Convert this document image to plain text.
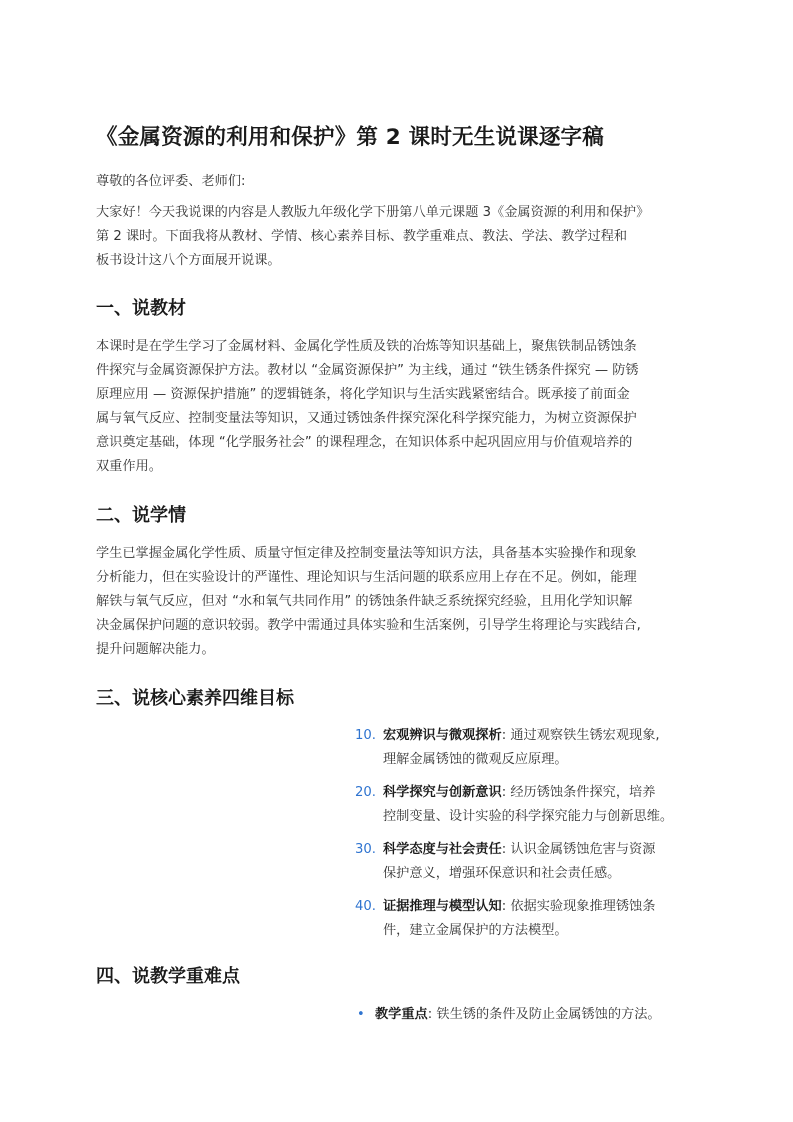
《金属资源的利用和保护》第 2 课时无生说课逐字稿

尊敬的各位评委、老师们:

大家好！今天我说课的内容是人教版九年级化学下册第八单元课题 3《金属资源的利用和保护》
第 2 课时。下面我将从教材、学情、核心素养目标、教学重难点、教法、学法、教学过程和
板书设计这八个方面展开说课。

一、说教材

本课时是在学生学习了金属材料、金属化学性质及铁的冶炼等知识基础上，聚焦铁制品锈蚀条
件探究与金属资源保护方法。教材以 “金属资源保护” 为主线，通过 “铁生锈条件探究 — 防锈
原理应用 — 资源保护措施” 的逻辑链条，将化学知识与生活实践紧密结合。既承接了前面金
属与氧气反应、控制变量法等知识，又通过锈蚀条件探究深化科学探究能力，为树立资源保护
意识奠定基础，体现 “化学服务社会” 的课程理念，在知识体系中起巩固应用与价值观培养的
双重作用。

二、说学情

学生已掌握金属化学性质、质量守恒定律及控制变量法等知识方法，具备基本实验操作和现象
分析能力，但在实验设计的严谨性、理论知识与生活问题的联系应用上存在不足。例如，能理
解铁与氧气反应，但对 “水和氧气共同作用” 的锈蚀条件缺乏系统探究经验，且用化学知识解
决金属保护问题的意识较弱。教学中需通过具体实验和生活案例，引导学生将理论与实践结合,
提升问题解决能力。

三、说核心素养四维目标
10. 宏观辨识与微观探析: 通过观察铁生锈宏观现象,
理解金属锈蚀的微观反应原理。
20. 科学探究与创新意识: 经历锈蚀条件探究，培养
控制变量、设计实验的科学探究能力与创新思维。
30. 科学态度与社会责任: 认识金属锈蚀危害与资源
保护意义，增强环保意识和社会责任感。
40. 证据推理与模型认知: 依据实验现象推理锈蚀条
件，建立金属保护的方法模型。
四、说教学重难点
• 教学重点: 铁生锈的条件及防止金属锈蚀的方法。
